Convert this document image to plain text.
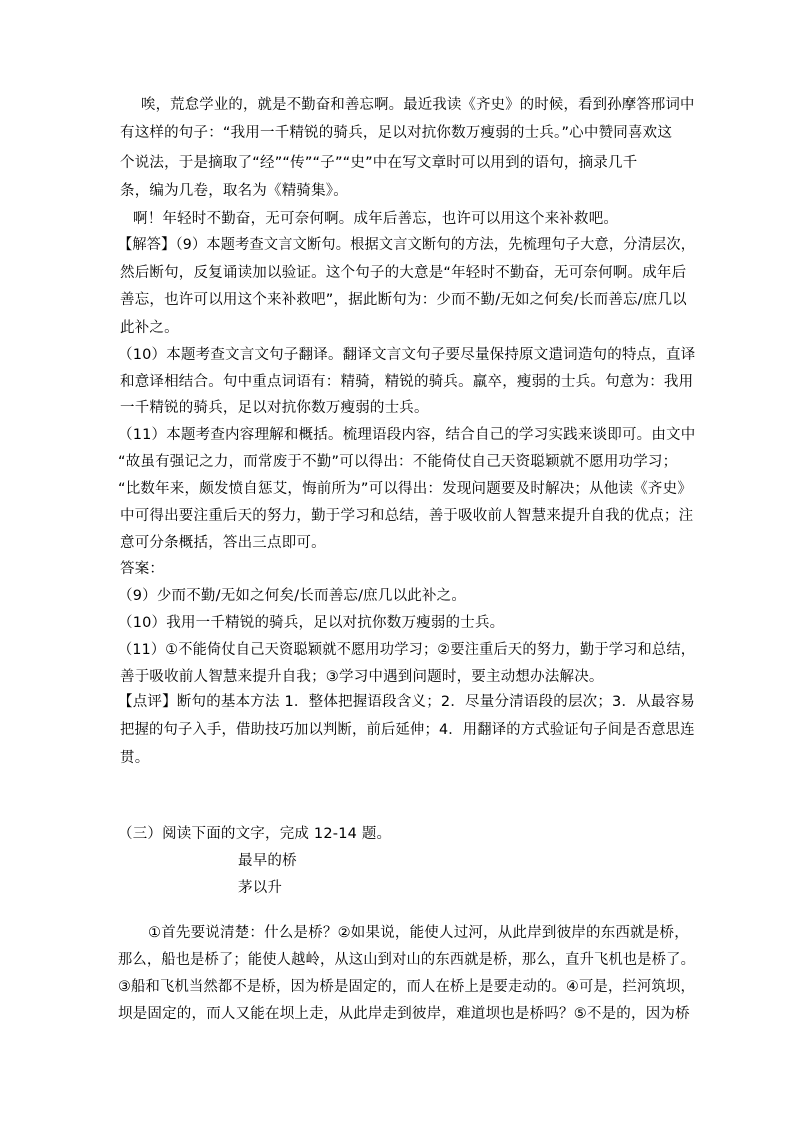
唉，荒怠学业的，就是不勤奋和善忘啊。最近我读《齐史》的时候，看到孙摩答邢词中
有这样的句子：“我用一千精锐的骑兵，足以对抗你数万瘦弱的士兵。”心中赞同喜欢这
个说法，于是摘取了“经”“传”“子”“史”中在写文章时可以用到的语句，摘录几千
条，编为几卷，取名为《精骑集》。
啊！年轻时不勤奋，无可奈何啊。成年后善忘，也许可以用这个来补救吧。
【解答】（9）本题考查文言文断句。根据文言文断句的方法，先梳理句子大意，分清层次，
然后断句，反复诵读加以验证。这个句子的大意是“年轻时不勤奋，无可奈何啊。成年后
善忘，也许可以用这个来补救吧”，据此断句为：少而不勤/无如之何矣/长而善忘/庶几以
此补之。
（10）本题考查文言文句子翻译。翻译文言文句子要尽量保持原文遣词造句的特点，直译
和意译相结合。句中重点词语有：精骑，精锐的骑兵。羸卒，瘦弱的士兵。句意为：我用
一千精锐的骑兵，足以对抗你数万瘦弱的士兵。
（11）本题考查内容理解和概括。梳理语段内容，结合自己的学习实践来谈即可。由文中
“故虽有强记之力，而常废于不勤”可以得出：不能倚仗自己天资聪颖就不愿用功学习；
“比数年来，颇发愤自惩艾，悔前所为”可以得出：发现问题要及时解决；从他读《齐史》
中可得出要注重后天的努力，勤于学习和总结，善于吸收前人智慧来提升自我的优点；注
意可分条概括，答出三点即可。
答案：
（9）少而不勤/无如之何矣/长而善忘/庶几以此补之。
（10）我用一千精锐的骑兵，足以对抗你数万瘦弱的士兵。
（11）①不能倚仗自己天资聪颖就不愿用功学习；②要注重后天的努力，勤于学习和总结，
善于吸收前人智慧来提升自我；③学习中遇到问题时，要主动想办法解决。
【点评】断句的基本方法 1．整体把握语段含义；2．尽量分清语段的层次；3．从最容易
把握的句子入手，借助技巧加以判断，前后延伸；4．用翻译的方式验证句子间是否意思连
贯。
（三）阅读下面的文字，完成 12-14 题。
最早的桥
茅以升
①首先要说清楚：什么是桥？②如果说，能使人过河，从此岸到彼岸的东西就是桥，
那么，船也是桥了；能使人越岭，从这山到对山的东西就是桥，那么，直升飞机也是桥了。
③船和飞机当然都不是桥，因为桥是固定的，而人在桥上是要走动的。④可是，拦河筑坝，
坝是固定的，而人又能在坝上走，从此岸走到彼岸，难道坝也是桥吗？⑤不是的，因为桥
